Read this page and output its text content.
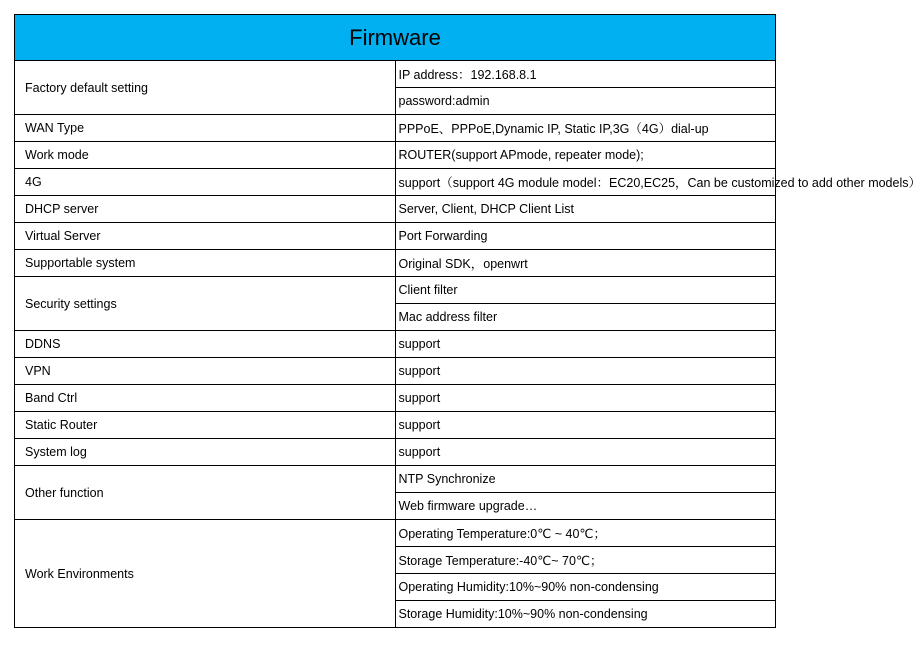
Firmware	
Factory default setting	IP address：192.168.8.1
	password:admin
WAN Type	PPPoE、PPPoE,Dynamic IP, Static IP,3G（4G）dial-up
Work mode	ROUTER(support APmode, repeater mode);
4G	support（support 4G module model：EC20,EC25，Can be customized to add other models）
DHCP server	Server, Client, DHCP Client List
Virtual Server	Port Forwarding
Supportable system	Original SDK，openwrt
Security settings	Client filter
	Mac address filter
DDNS	support
VPN	support
Band Ctrl	support
Static Router	support
System log	support
Other function	NTP Synchronize
	Web firmware upgrade…
Work Environments	Operating Temperature:0℃ ~ 40℃；
	Storage Temperature:-40℃~ 70℃；
	Operating Humidity:10%~90% non-condensing
	Storage Humidity:10%~90% non-condensing
